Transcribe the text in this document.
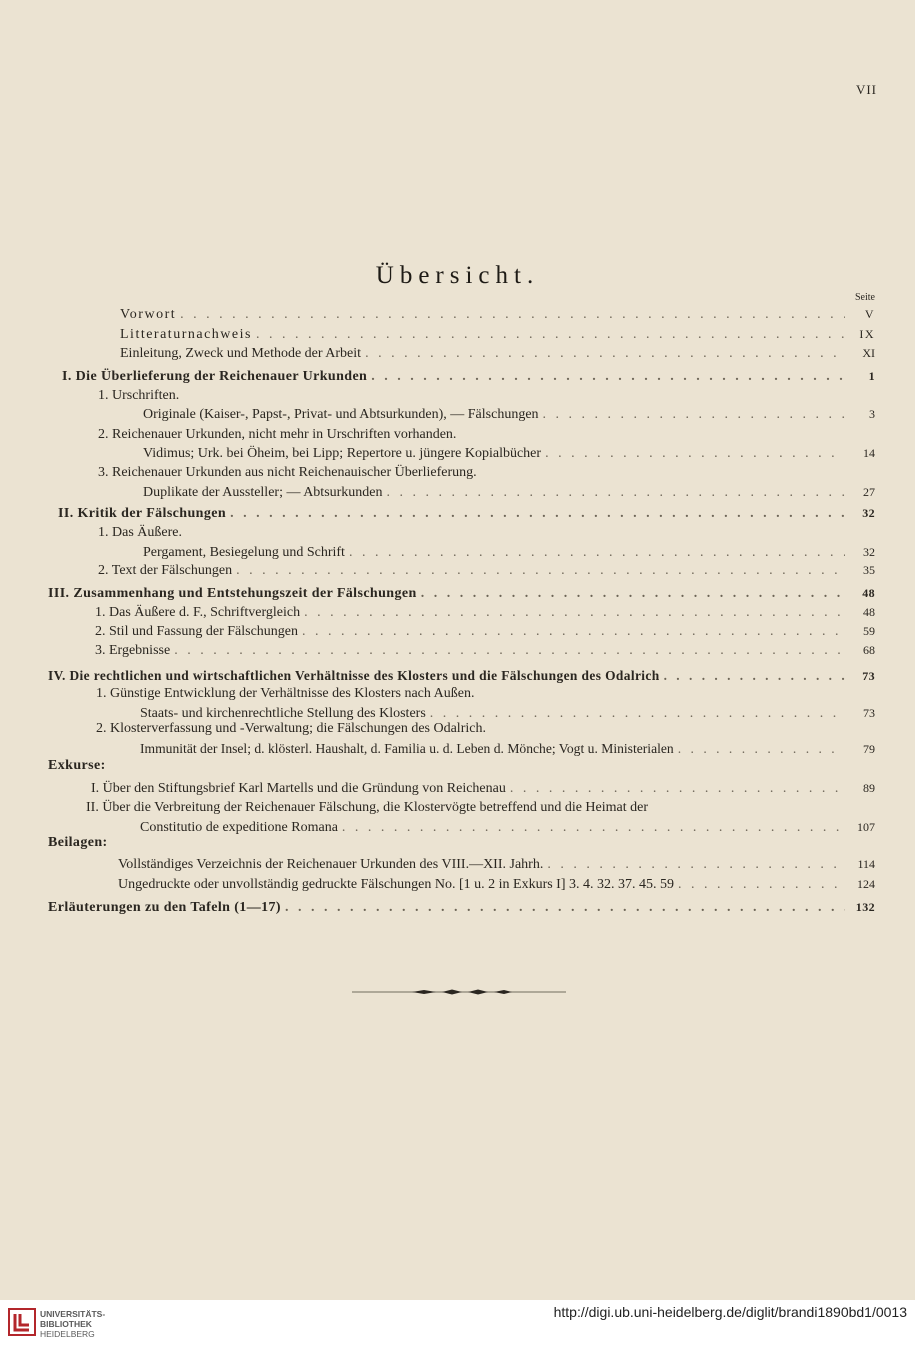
VII
Übersicht.
Seite
Vorwort . . .	V
Litteraturnachweis . . .	IX
Einleitung, Zweck und Methode der Arbeit . . .	XI
I. Die Überlieferung der Reichenauer Urkunden . . .	1
1. Urschriften.
Originale (Kaiser-, Papst-, Privat- und Abtsurkunden), — Fälschungen . . .	3
2. Reichenauer Urkunden, nicht mehr in Urschriften vorhanden.
Vidimus; Urk. bei Öheim, bei Lipp; Repertore u. jüngere Kopialbücher . . .	14
3. Reichenauer Urkunden aus nicht Reichenauischer Überlieferung.
Duplikate der Aussteller; — Abtsurkunden . . .	27
II. Kritik der Fälschungen . . .	32
1. Das Äußere.
Pergament, Besiegelung und Schrift . . .	32
2. Text der Fälschungen . . .	35
III. Zusammenhang und Entstehungszeit der Fälschungen . . .	48
1. Das Äußere d. F., Schriftvergleich . . .	48
2. Stil und Fassung der Fälschungen . . .	59
3. Ergebnisse . . .	68
IV. Die rechtlichen und wirtschaftlichen Verhältnisse des Klosters und die Fälschungen des Odalrich . . .	73
1. Günstige Entwicklung der Verhältnisse des Klosters nach Außen.
Staats- und kirchenrechtliche Stellung des Klosters . . .	73
2. Klosterverfassung und -Verwaltung; die Fälschungen des Odalrich.
Immunität der Insel; d. klösterl. Haushalt, d. Familia u. d. Leben d. Mönche; Vogt u. Ministerialen . . .	79
Exkurse:
I. Über den Stiftungsbrief Karl Martells und die Gründung von Reichenau . . .	89
II. Über die Verbreitung der Reichenauer Fälschung, die Klostervögte betreffend und die Heimat der
Constitutio de expeditione Romana . . .	107
Beilagen:
Vollständiges Verzeichnis der Reichenauer Urkunden des VIII.—XII. Jahrh. . . .	114
Ungedruckte oder unvollständig gedruckte Fälschungen No. [1 u. 2 in Exkurs I] 3. 4. 32. 37. 45. 59 . . .	124
Erläuterungen zu den Tafeln (1—17) . . .	132
UNIVERSITÄTS-
BIBLIOTHEK
HEIDELBERG
http://digi.ub.uni-heidelberg.de/diglit/brandi1890bd1/0013
